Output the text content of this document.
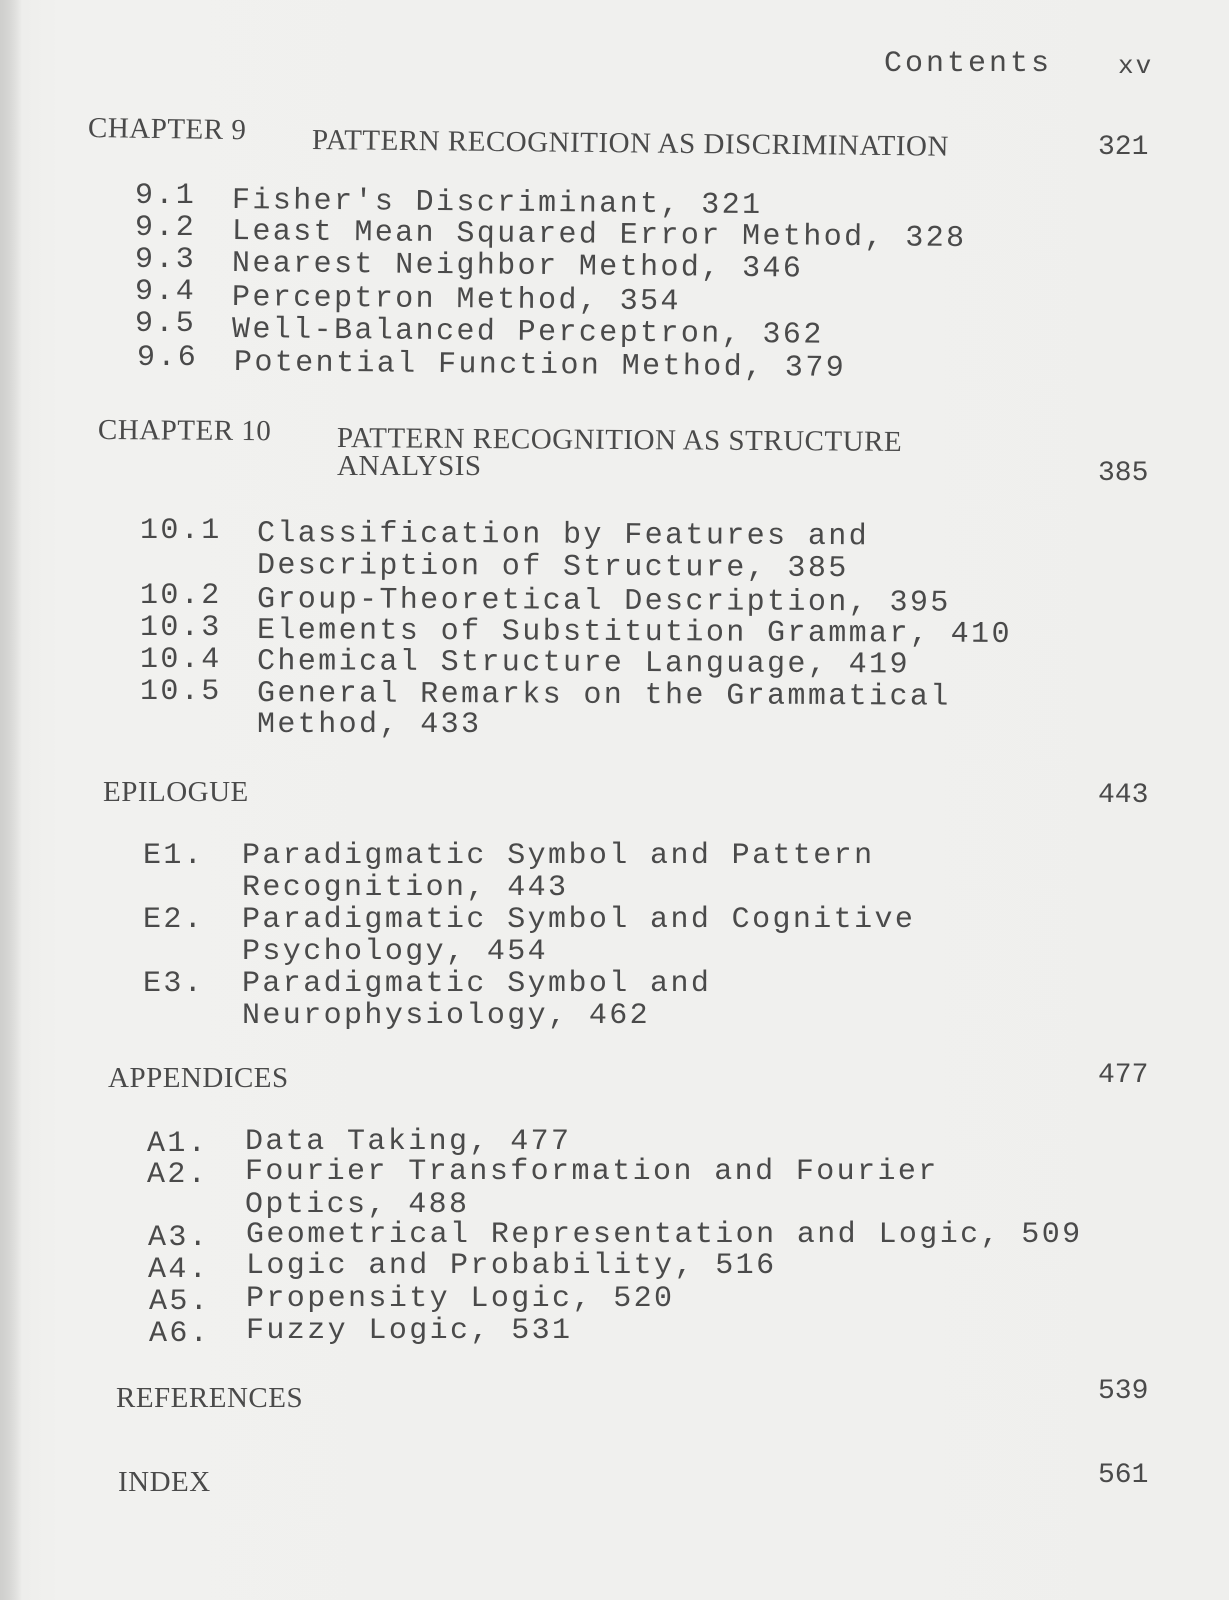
Contents	xv
CHAPTER 9 PATTERN RECOGNITION AS DISCRIMINATION	321
9.1 Fisher's Discriminant, 321
9.2 Least Mean Squared Error Method, 328
9.3 Nearest Neighbor Method, 346
9.4 Perceptron Method, 354
9.5 Well-Balanced Perceptron, 362
9.6 Potential Function Method, 379
CHAPTER 10 PATTERN RECOGNITION AS STRUCTURE
ANALYSIS	385
10.1 Classification by Features and
Description of Structure, 385
10.2 Group-Theoretical Description, 395
10.3 Elements of Substitution Grammar, 410
10.4 Chemical Structure Language, 419
10.5 General Remarks on the Grammatical
Method, 433
EPILOGUE	443
E1. Paradigmatic Symbol and Pattern
Recognition, 443
E2. Paradigmatic Symbol and Cognitive
Psychology, 454
E3. Paradigmatic Symbol and
Neurophysiology, 462
APPENDICES	477
A1. Data Taking, 477
A2. Fourier Transformation and Fourier
Optics, 488
A3. Geometrical Representation and Logic, 509
A4. Logic and Probability, 516
A5. Propensity Logic, 520
A6. Fuzzy Logic, 531
REFERENCES	539
INDEX	561
